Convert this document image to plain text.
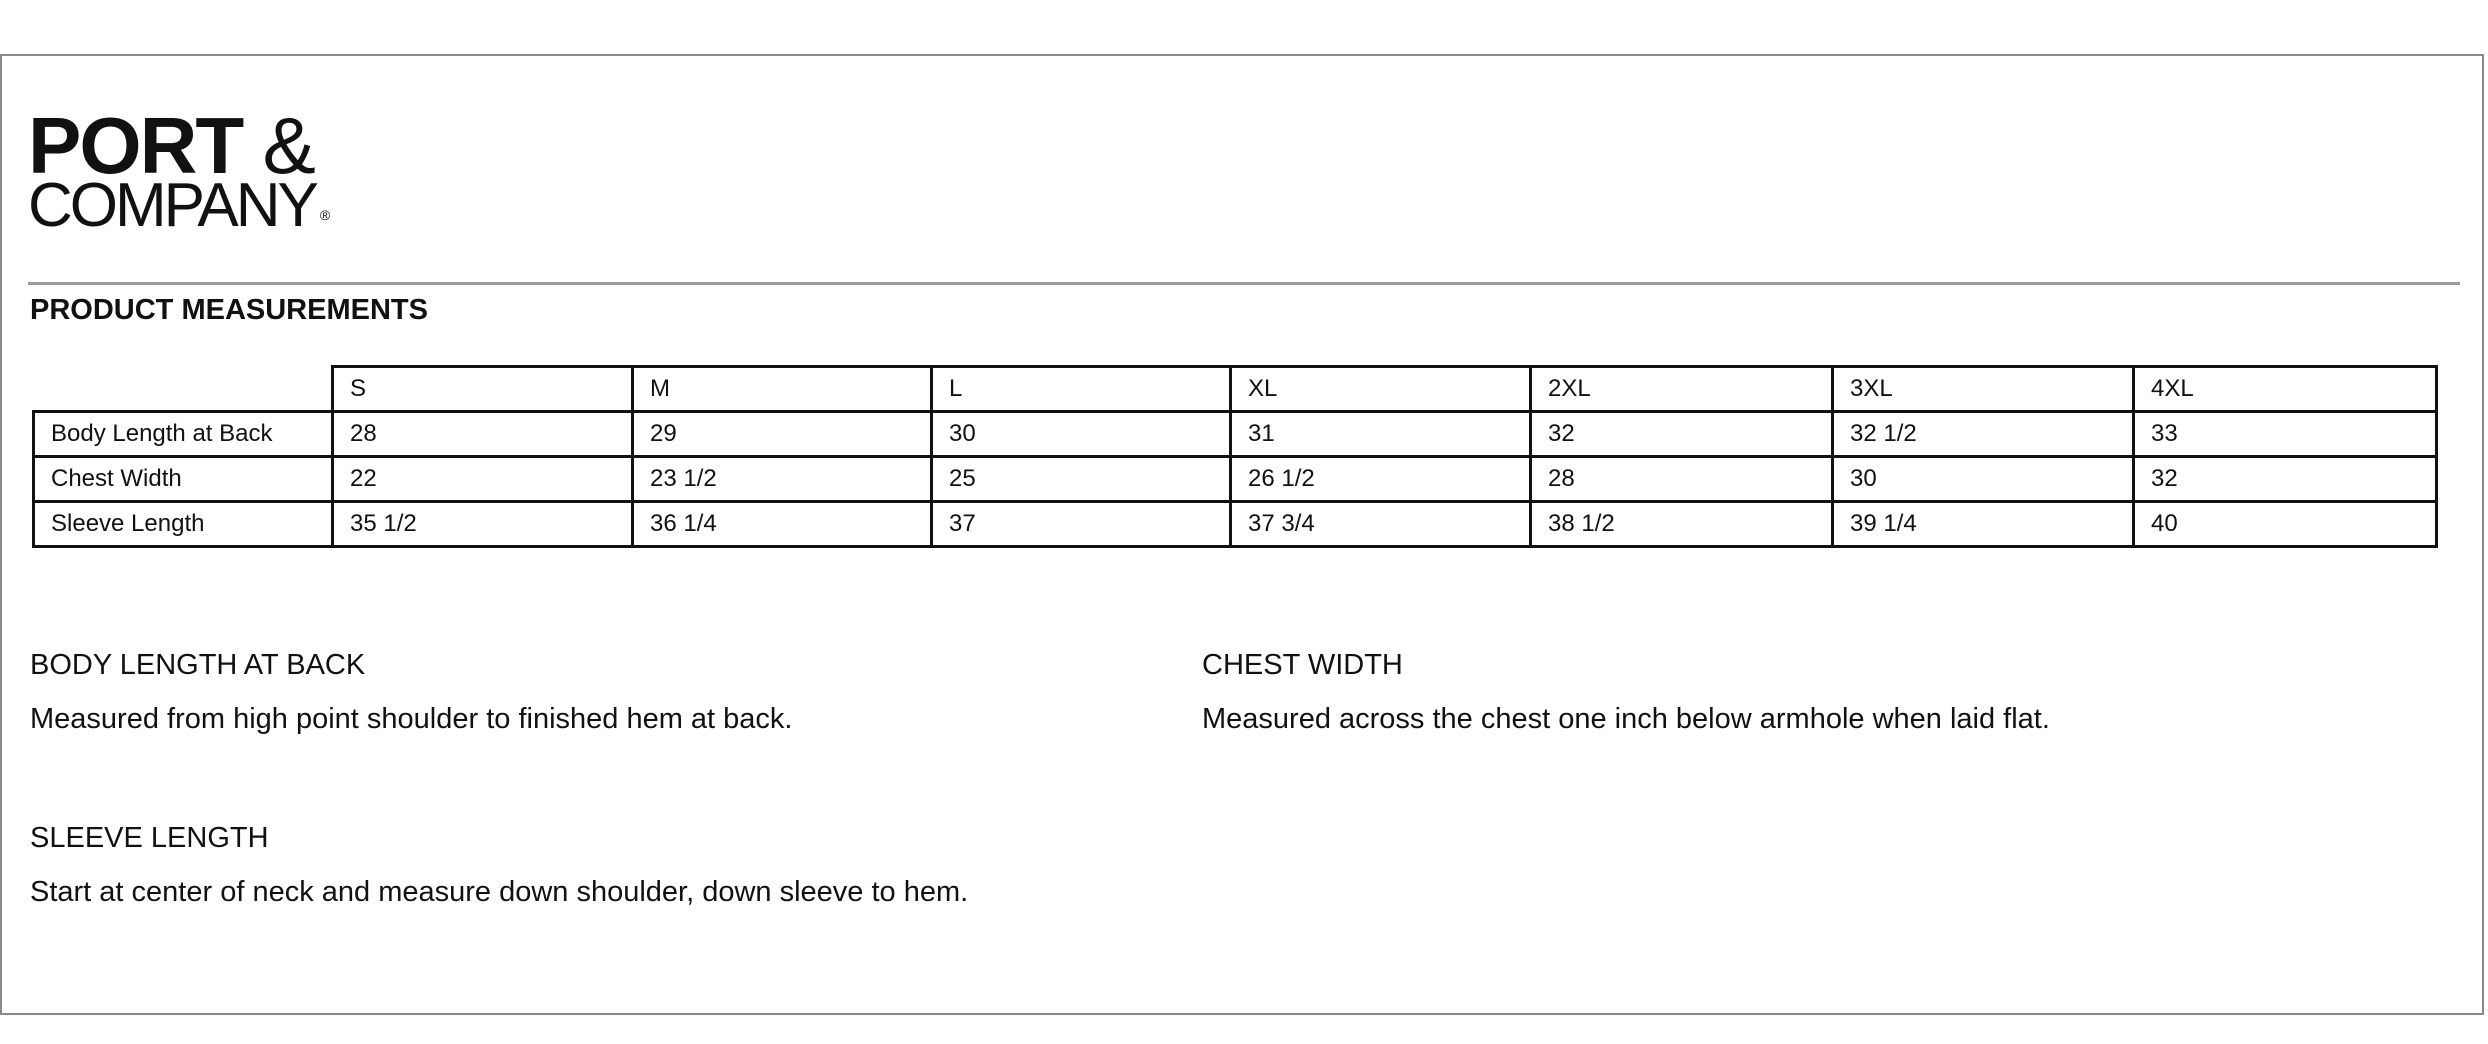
PORT &
COMPANY ®
PRODUCT MEASUREMENTS
	S	M	L	XL	2XL	3XL	4XL
Body Length at Back	28	29	30	31	32	32 1/2	33
Chest Width	22	23 1/2	25	26 1/2	28	30	32
Sleeve Length	35 1/2	36 1/4	37	37 3/4	38 1/2	39 1/4	40
BODY LENGTH AT BACK
Measured from high point shoulder to finished hem at back.
CHEST WIDTH
Measured across the chest one inch below armhole when laid flat.
SLEEVE LENGTH
Start at center of neck and measure down shoulder, down sleeve to hem.
